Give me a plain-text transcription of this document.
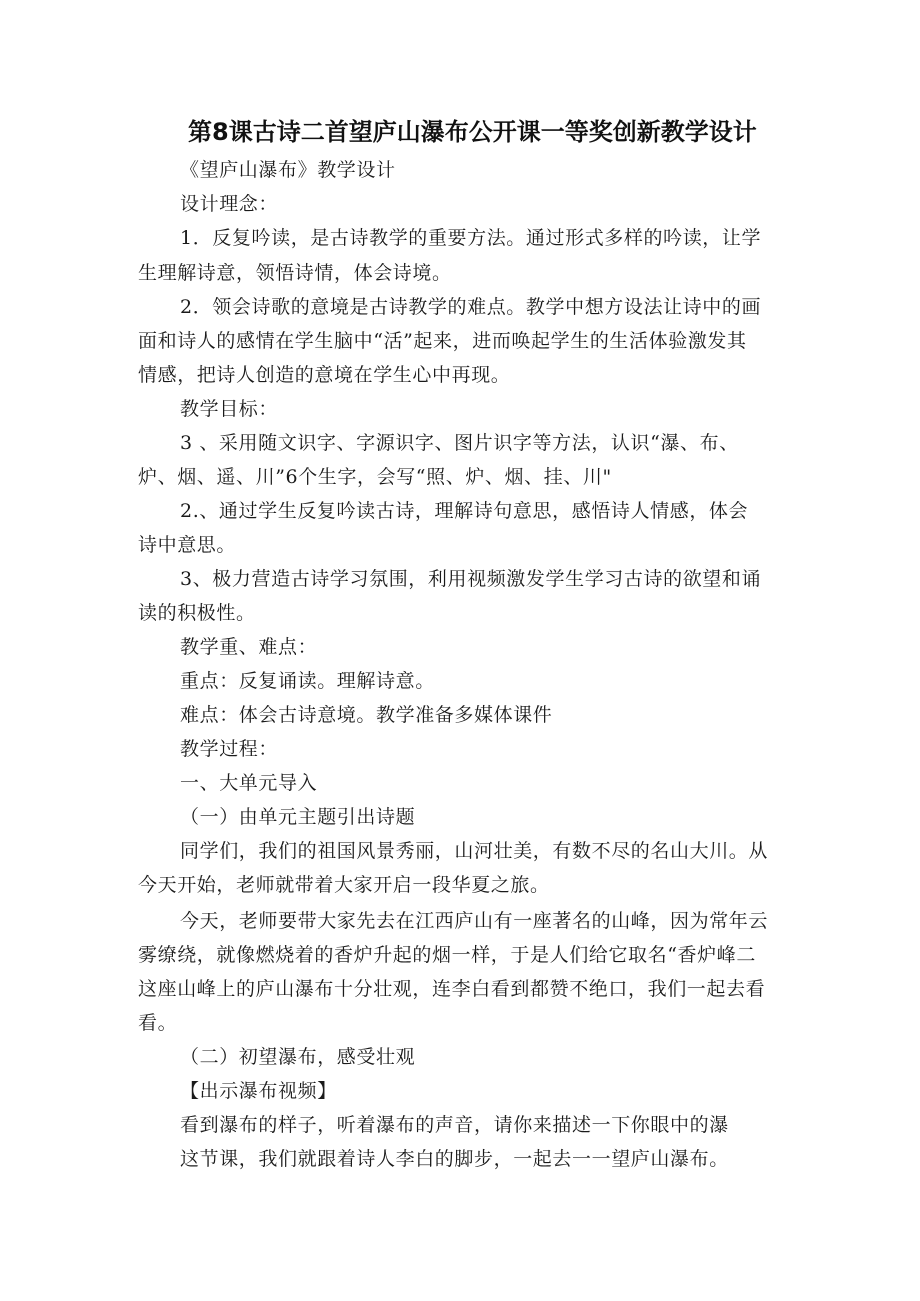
第8课古诗二首望庐山瀑布公开课一等奖创新教学设计
《望庐山瀑布》教学设计
设计理念：
1．反复吟读，是古诗教学的重要方法。通过形式多样的吟读，让学
生理解诗意，领悟诗情，体会诗境。
2．领会诗歌的意境是古诗教学的难点。教学中想方设法让诗中的画
面和诗人的感情在学生脑中“活”起来，进而唤起学生的生活体验激发其
情感，把诗人创造的意境在学生心中再现。
教学目标：
3 、采用随文识字、字源识字、图片识字等方法，认识“瀑、布、
炉、烟、遥、川”6个生字，会写“照、炉、烟、挂、川"
2.、通过学生反复吟读古诗，理解诗句意思，感悟诗人情感，体会
诗中意思。
3、极力营造古诗学习氛围，利用视频激发学生学习古诗的欲望和诵
读的积极性。
教学重、难点：
重点：反复诵读。理解诗意。
难点：体会古诗意境。教学准备多媒体课件
教学过程：
一、大单元导入
（一）由单元主题引出诗题
同学们，我们的祖国风景秀丽，山河壮美，有数不尽的名山大川。从
今天开始，老师就带着大家开启一段华夏之旅。
今天，老师要带大家先去在江西庐山有一座著名的山峰，因为常年云
雾缭绕，就像燃烧着的香炉升起的烟一样，于是人们给它取名“香炉峰二
这座山峰上的庐山瀑布十分壮观，连李白看到都赞不绝口，我们一起去看
看。
（二）初望瀑布，感受壮观
【出示瀑布视频】
看到瀑布的样子，听着瀑布的声音，请你来描述一下你眼中的瀑
这节课，我们就跟着诗人李白的脚步，一起去一一望庐山瀑布。
